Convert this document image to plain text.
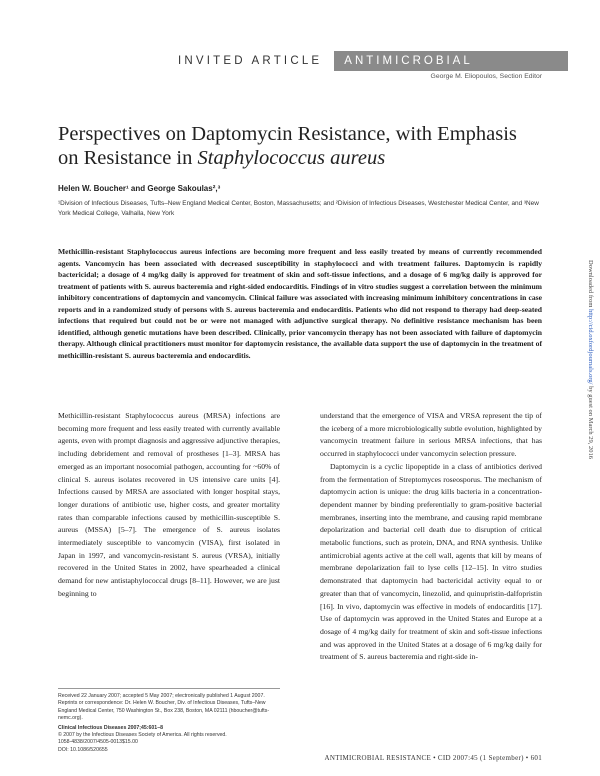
INVITED ARTICLE	ANTIMICROBIAL RESISTANCE
George M. Eliopoulos, Section Editor
Perspectives on Daptomycin Resistance, with Emphasis on Resistance in Staphylococcus aureus
Helen W. Boucher¹ and George Sakoulas²,³
¹Division of Infectious Diseases, Tufts–New England Medical Center, Boston, Massachusetts; and ²Division of Infectious Diseases, Westchester Medical Center, and ³New York Medical College, Valhalla, New York
Methicillin-resistant Staphylococcus aureus infections are becoming more frequent and less easily treated by means of currently recommended agents. Vancomycin has been associated with decreased susceptibility in staphylococci and with treatment failures. Daptomycin is rapidly bactericidal; a dosage of 4 mg/kg daily is approved for treatment of skin and soft-tissue infections, and a dosage of 6 mg/kg daily is approved for treatment of patients with S. aureus bacteremia and right-sided endocarditis. Findings of in vitro studies suggest a correlation between the minimum inhibitory concentrations of daptomycin and vancomycin. Clinical failure was associated with increasing minimum inhibitory concentrations in case reports and in a randomized study of persons with S. aureus bacteremia and endocarditis. Patients who did not respond to therapy had deep-seated infections that required but could not be or were not managed with adjunctive surgical therapy. No definitive resistance mechanism has been identified, although genetic mutations have been described. Clinically, prior vancomycin therapy has not been associated with failure of daptomycin therapy. Although clinical practitioners must monitor for daptomycin resistance, the available data support the use of daptomycin in the treatment of methicillin-resistant S. aureus bacteremia and endocarditis.

Methicillin-resistant Staphylococcus aureus (MRSA) infections are becoming more frequent and less easily treated with currently available agents, even with prompt diagnosis and aggressive adjunctive therapies, including debridement and removal of prostheses [1–3]. MRSA has emerged as an important nosocomial pathogen, accounting for ~60% of clinical S. aureus isolates recovered in US intensive care units [4]. Infections caused by MRSA are associated with longer hospital stays, longer durations of antibiotic use, higher costs, and greater mortality rates than comparable infections caused by methicillin-susceptible S. aureus (MSSA) [5–7]. The emergence of S. aureus isolates intermediately susceptible to vancomycin (VISA), first isolated in Japan in 1997, and vancomycin-resistant S. aureus (VRSA), initially recovered in the United States in 2002, have spearheaded a clinical demand for new antistaphylococcal drugs [8–11]. However, we are just beginning to

understand that the emergence of VISA and VRSA represent the tip of the iceberg of a more microbiologically subtle evolution, highlighted by vancomycin treatment failure in serious MRSA infections, that has occurred in staphylococci under vancomycin selection pressure.

Daptomycin is a cyclic lipopeptide in a class of antibiotics derived from the fermentation of Streptomyces roseosporus. The mechanism of daptomycin action is unique: the drug kills bacteria in a concentration-dependent manner by binding preferentially to gram-positive bacterial membranes, inserting into the membrane, and causing rapid membrane depolarization and bacterial cell death due to disruption of critical metabolic functions, such as protein, DNA, and RNA synthesis. Unlike antimicrobial agents active at the cell wall, agents that kill by means of membrane depolarization fail to lyse cells [12–15]. In vitro studies demonstrated that daptomycin had bactericidal activity equal to or greater than that of vancomycin, linezolid, and quinupristin-dalfopristin [16]. In vivo, daptomycin was effective in models of endocarditis [17]. Use of daptomycin was approved in the United States and Europe at a dosage of 4 mg/kg daily for treatment of skin and soft-tissue infections and was approved in the United States at a dosage of 6 mg/kg daily for treatment of S. aureus bacteremia and right-side in-

Received 22 January 2007; accepted 5 May 2007; electronically published 1 August 2007.
Reprints or correspondence: Dr. Helen W. Boucher, Div. of Infectious Diseases, Tufts–New England Medical Center, 750 Washington St., Box 238, Boston, MA 02111 (hboucher@tufts-nemc.org).
Clinical Infectious Diseases 2007;45:601–8
© 2007 by the Infectious Diseases Society of America. All rights reserved.
1058-4838/2007/4505-0013$15.00
DOI: 10.1086/520655
ANTIMICROBIAL RESISTANCE • CID 2007:45 (1 September) • 601
Downloaded from http://cid.oxfordjournals.org/ by guest on March 29, 2016
